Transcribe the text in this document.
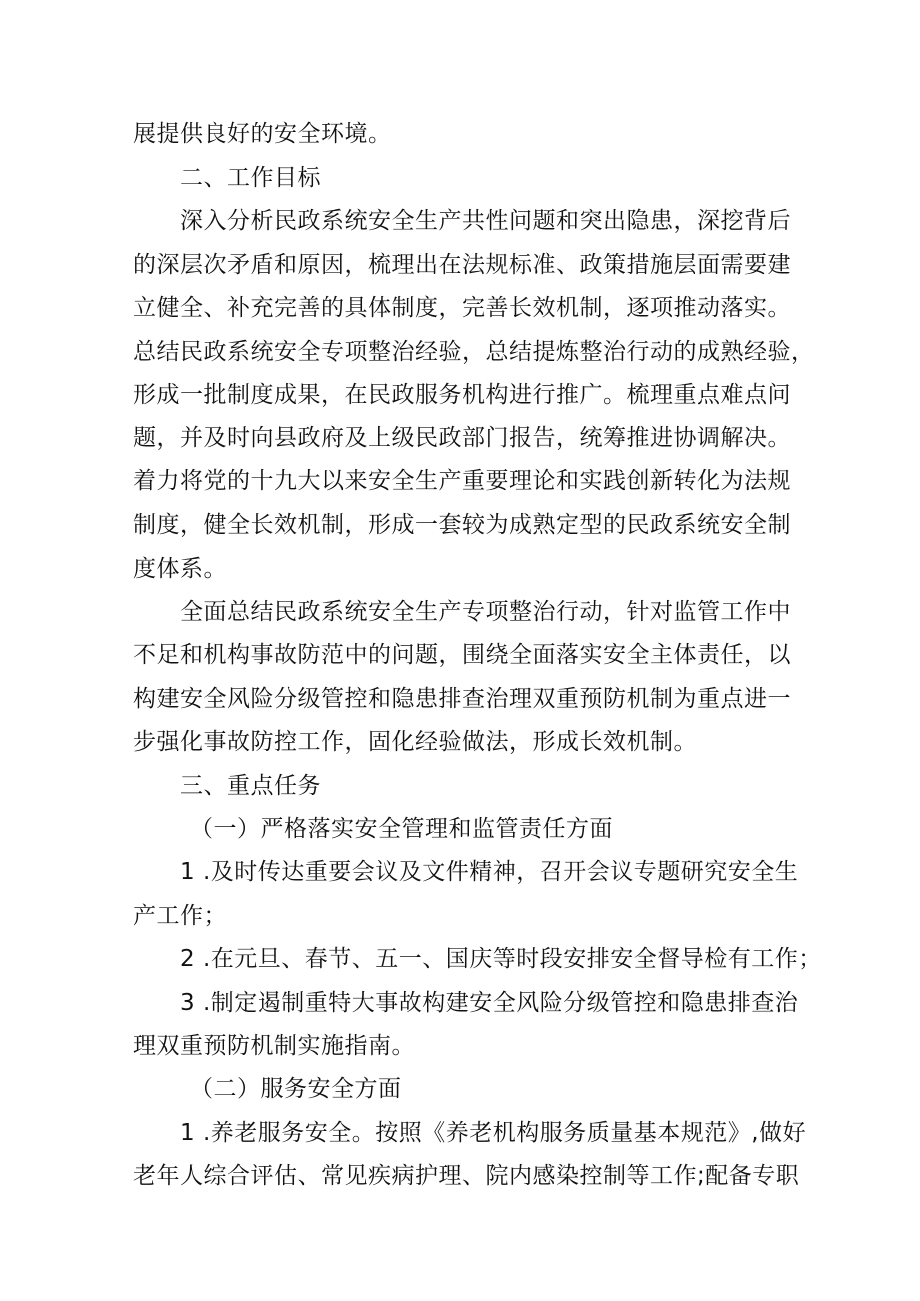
展提供良好的安全环境。
二、工作目标
深入分析民政系统安全生产共性问题和突出隐患，深挖背后
的深层次矛盾和原因，梳理出在法规标准、政策措施层面需要建
立健全、补充完善的具体制度，完善长效机制，逐项推动落实。
总结民政系统安全专项整治经验，总结提炼整治行动的成熟经验，
形成一批制度成果，在民政服务机构进行推广。梳理重点难点问
题，并及时向县政府及上级民政部门报告，统筹推进协调解决。
着力将党的十九大以来安全生产重要理论和实践创新转化为法规
制度，健全长效机制，形成一套较为成熟定型的民政系统安全制
度体系。
全面总结民政系统安全生产专项整治行动，针对监管工作中
不足和机构事故防范中的问题，围绕全面落实安全主体责任，以
构建安全风险分级管控和隐患排查治理双重预防机制为重点进一
步强化事故防控工作，固化经验做法，形成长效机制。
三、重点任务
（一）严格落实安全管理和监管责任方面
1 .及时传达重要会议及文件精神，召开会议专题研究安全生
产工作；
2 .在元旦、春节、五一、国庆等时段安排安全督导检有工作；
3 .制定遏制重特大事故构建安全风险分级管控和隐患排查治
理双重预防机制实施指南。
（二）服务安全方面
1 .养老服务安全。按照《养老机构服务质量基本规范》,做好
老年人综合评估、常见疾病护理、院内感染控制等工作;配备专职
